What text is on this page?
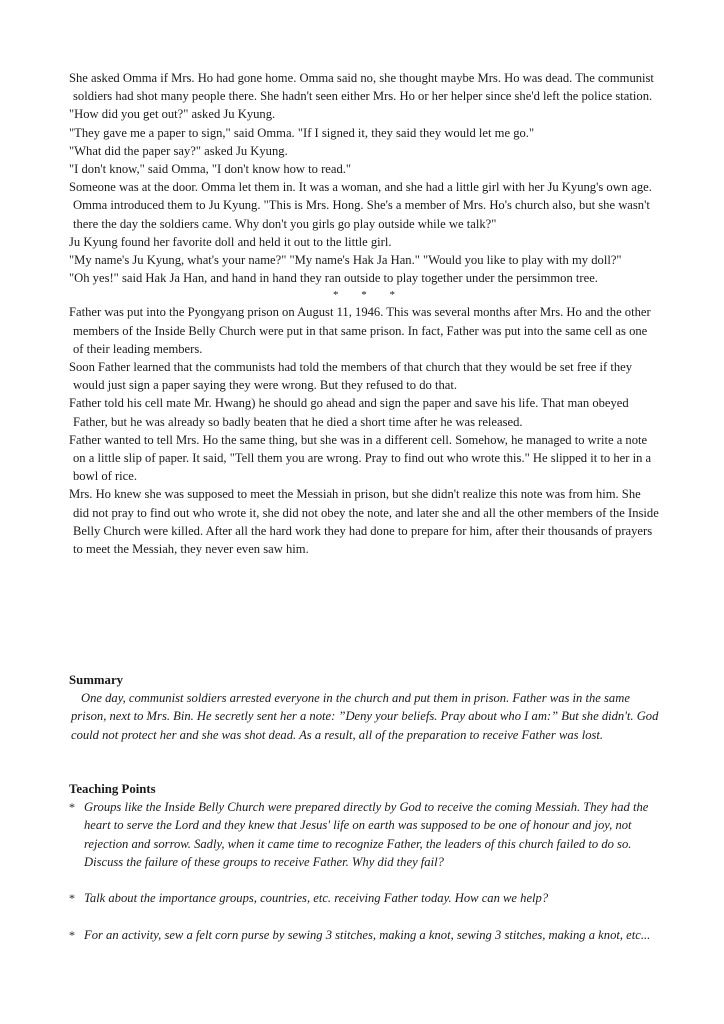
She asked Omma if Mrs. Ho had gone home. Omma said no, she thought maybe Mrs. Ho was dead. The communist soldiers had shot many people there. She hadn't seen either Mrs. Ho or her helper since she'd left the police station.

"How did you get out?" asked Ju Kyung.

"They gave me a paper to sign," said Omma. "If I signed it, they said they would let me go."

"What did the paper say?" asked Ju Kyung.

"I don't know," said Omma, "I don't know how to read."

Someone was at the door. Omma let them in. It was a woman, and she had a little girl with her Ju Kyung's own age. Omma introduced them to Ju Kyung. "This is Mrs. Hong. She's a member of Mrs. Ho's church also, but she wasn't there the day the soldiers came. Why don't you girls go play outside while we talk?"

Ju Kyung found her favorite doll and held it out to the little girl.

"My name's Ju Kyung, what's your name?" "My name's Hak Ja Han." "Would you like to play with my doll?"

"Oh yes!" said Hak Ja Han, and hand in hand they ran outside to play together under the persimmon tree.

* * *

Father was put into the Pyongyang prison on August 11, 1946. This was several months after Mrs. Ho and the other members of the Inside Belly Church were put in that same prison. In fact, Father was put into the same cell as one of their leading members.

Soon Father learned that the communists had told the members of that church that they would be set free if they would just sign a paper saying they were wrong. But they refused to do that.

Father told his cell mate Mr. Hwang) he should go ahead and sign the paper and save his life. That man obeyed Father, but he was already so badly beaten that he died a short time after he was released.

Father wanted to tell Mrs. Ho the same thing, but she was in a different cell. Somehow, he managed to write a note on a little slip of paper. It said, "Tell them you are wrong. Pray to find out who wrote this." He slipped it to her in a bowl of rice.

Mrs. Ho knew she was supposed to meet the Messiah in prison, but she didn't realize this note was from him. She did not pray to find out who wrote it, she did not obey the note, and later she and all the other members of the Inside Belly Church were killed. After all the hard work they had done to prepare for him, after their thousands of prayers to meet the Messiah, they never even saw him.

Summary

One day, communist soldiers arrested everyone in the church and put them in prison. Father was in the same prison, next to Mrs. Bin. He secretly sent her a note: ”Deny your beliefs. Pray about who I am:” But she didn't. God could not protect her and she was shot dead. As a result, all of the preparation to receive Father was lost.

Teaching Points

* Groups like the Inside Belly Church were prepared directly by God to receive the coming Messiah. They had the heart to serve the Lord and they knew that Jesus' life on earth was supposed to be one of honour and joy, not rejection and sorrow. Sadly, when it came time to recognize Father, the leaders of this church failed to do so. Discuss the failure of these groups to receive Father. Why did they fail?
* Talk about the importance groups, countries, etc. receiving Father today. How can we help?
* For an activity, sew a felt corn purse by sewing 3 stitches, making a knot, sewing 3 stitches, making a knot, etc...
